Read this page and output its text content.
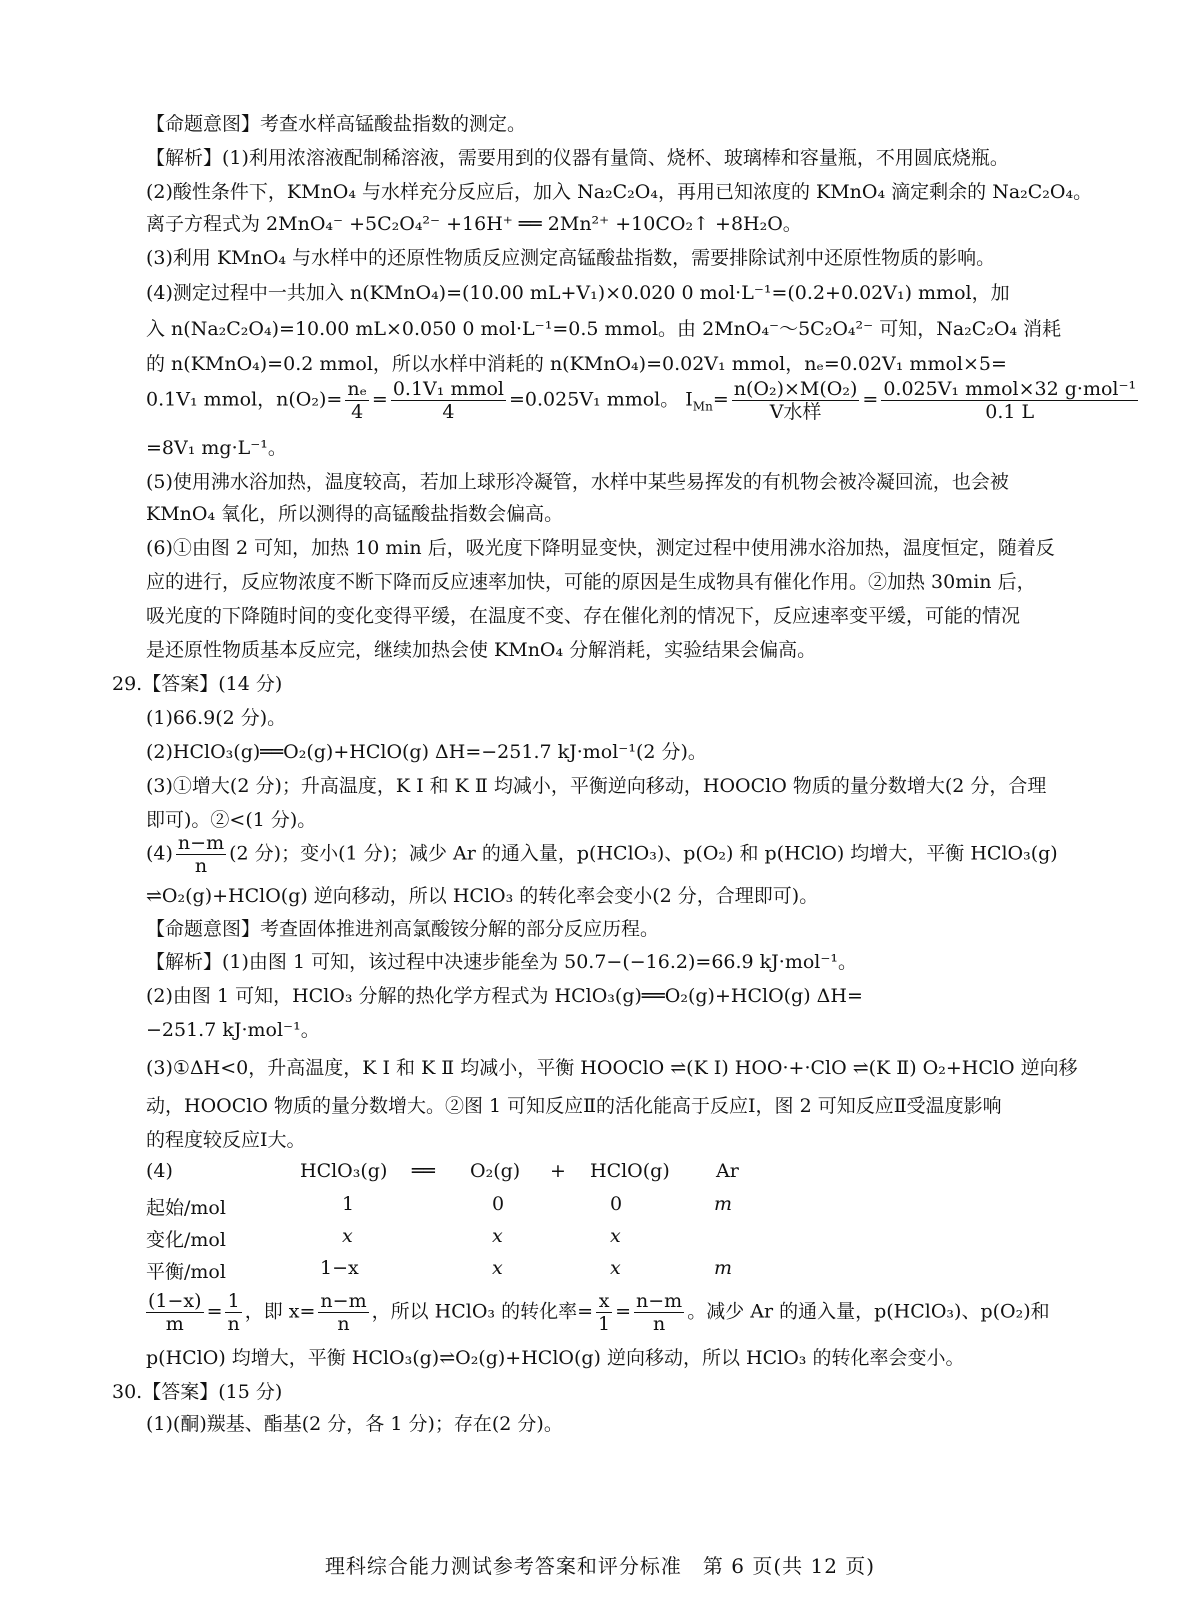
【命题意图】考查水样高锰酸盐指数的测定。
【解析】(1)利用浓溶液配制稀溶液，需要用到的仪器有量筒、烧杯、玻璃棒和容量瓶，不用圆底烧瓶。
(2)酸性条件下，KMnO₄ 与水样充分反应后，加入 Na₂C₂O₄，再用已知浓度的 KMnO₄ 滴定剩余的 Na₂C₂O₄。
离子方程式为 2MnO₄⁻ +5C₂O₄²⁻ +16H⁺ ══ 2Mn²⁺ +10CO₂↑ +8H₂O。
(3)利用 KMnO₄ 与水样中的还原性物质反应测定高锰酸盐指数，需要排除试剂中还原性物质的影响。
(4)测定过程中一共加入 n(KMnO₄)=(10.00 mL+V₁)×0.020 0 mol·L⁻¹=(0.2+0.02V₁) mmol，加
入 n(Na₂C₂O₄)=10.00 mL×0.050 0 mol·L⁻¹=0.5 mmol。由 2MnO₄⁻～5C₂O₄²⁻ 可知，Na₂C₂O₄ 消耗
的 n(KMnO₄)=0.2 mmol，所以水样中消耗的 n(KMnO₄)=0.02V₁ mmol，nₑ=0.02V₁ mmol×5=
0.1V₁ mmol，$n(O_2)= \frac{\text{nₑ}}{4} = \frac{\text{0.1V₁ mmol}}{4} =0.025V_1$ mmol。 $I_{Mn}= \frac{\text{n(O₂)×M(O₂)}}{\text{V水样}} = \frac{\text{0.025V₁ mmol×32 g·mol⁻¹}}{0.1 L}$
=8V₁ mg·L⁻¹。
(5)使用沸水浴加热，温度较高，若加上球形冷凝管，水样中某些易挥发的有机物会被冷凝回流，也会被
KMnO₄ 氧化，所以测得的高锰酸盐指数会偏高。
(6)①由图 2 可知，加热 10 min 后，吸光度下降明显变快，测定过程中使用沸水浴加热，温度恒定，随着反
应的进行，反应物浓度不断下降而反应速率加快，可能的原因是生成物具有催化作用。②加热 30min 后，
吸光度的下降随时间的变化变得平缓，在温度不变、存在催化剂的情况下，反应速率变平缓，可能的情况
是还原性物质基本反应完，继续加热会使 KMnO₄ 分解消耗，实验结果会偏高。
29.【答案】(14 分)
(1)66.9(2 分)。
(2)HClO₃(g)══O₂(g)+HClO(g) ΔH=−251.7 kJ·mol⁻¹(2 分)。
(3)①增大(2 分)；升高温度，K Ⅰ 和 K Ⅱ 均减小，平衡逆向移动，HOOClO 物质的量分数增大(2 分，合理
即可)。②<(1 分)。
$(4) \frac{n-m}{n} (2$ 分)；变小(1 分)；减少 Ar 的通入量，p(HClO₃)、p(O₂) 和 p(HClO) 均增大，平衡 HClO₃(g)
⇌O₂(g)+HClO(g) 逆向移动，所以 HClO₃ 的转化率会变小(2 分，合理即可)。
【命题意图】考查固体推进剂高氯酸铵分解的部分反应历程。
【解析】(1)由图 1 可知，该过程中决速步能垒为 50.7−(−16.2)=66.9 kJ·mol⁻¹。
(2)由图 1 可知，HClO₃ 分解的热化学方程式为 HClO₃(g)══O₂(g)+HClO(g) ΔH=
−251.7 kJ·mol⁻¹。
(3)①ΔH<0，升高温度，K Ⅰ 和 K Ⅱ 均减小，平衡 HOOClO ⇌(K Ⅰ) HOO·+·ClO ⇌(K Ⅱ) O₂+HClO 逆向移
动，HOOClO 物质的量分数增大。②图 1 可知反应Ⅱ的活化能高于反应Ⅰ，图 2 可知反应Ⅱ受温度影响
的程度较反应Ⅰ大。
(4)	HClO₃(g) ══ O₂(g) + HClO(g) Ar
起始/mol	1	0	0	m
变化/mol	x	x	x
平衡/mol	1−x	x	x	m
$\frac{(1-x)}{m} = \frac{1}{n}$ ，即 $x= \frac{n-m}{n}$ ，所以 HClO₃ 的转化率= $\frac{x}{1} = \frac{n-m}{n}$ 。减少 Ar 的通入量，p(HClO₃)、p(O₂)和
p(HClO) 均增大，平衡 HClO₃(g)⇌O₂(g)+HClO(g) 逆向移动，所以 HClO₃ 的转化率会变小。
30.【答案】(15 分)
(1)(酮)羰基、酯基(2 分，各 1 分)；存在(2 分)。
理科综合能力测试参考答案和评分标准　第 6 页(共 12 页)
